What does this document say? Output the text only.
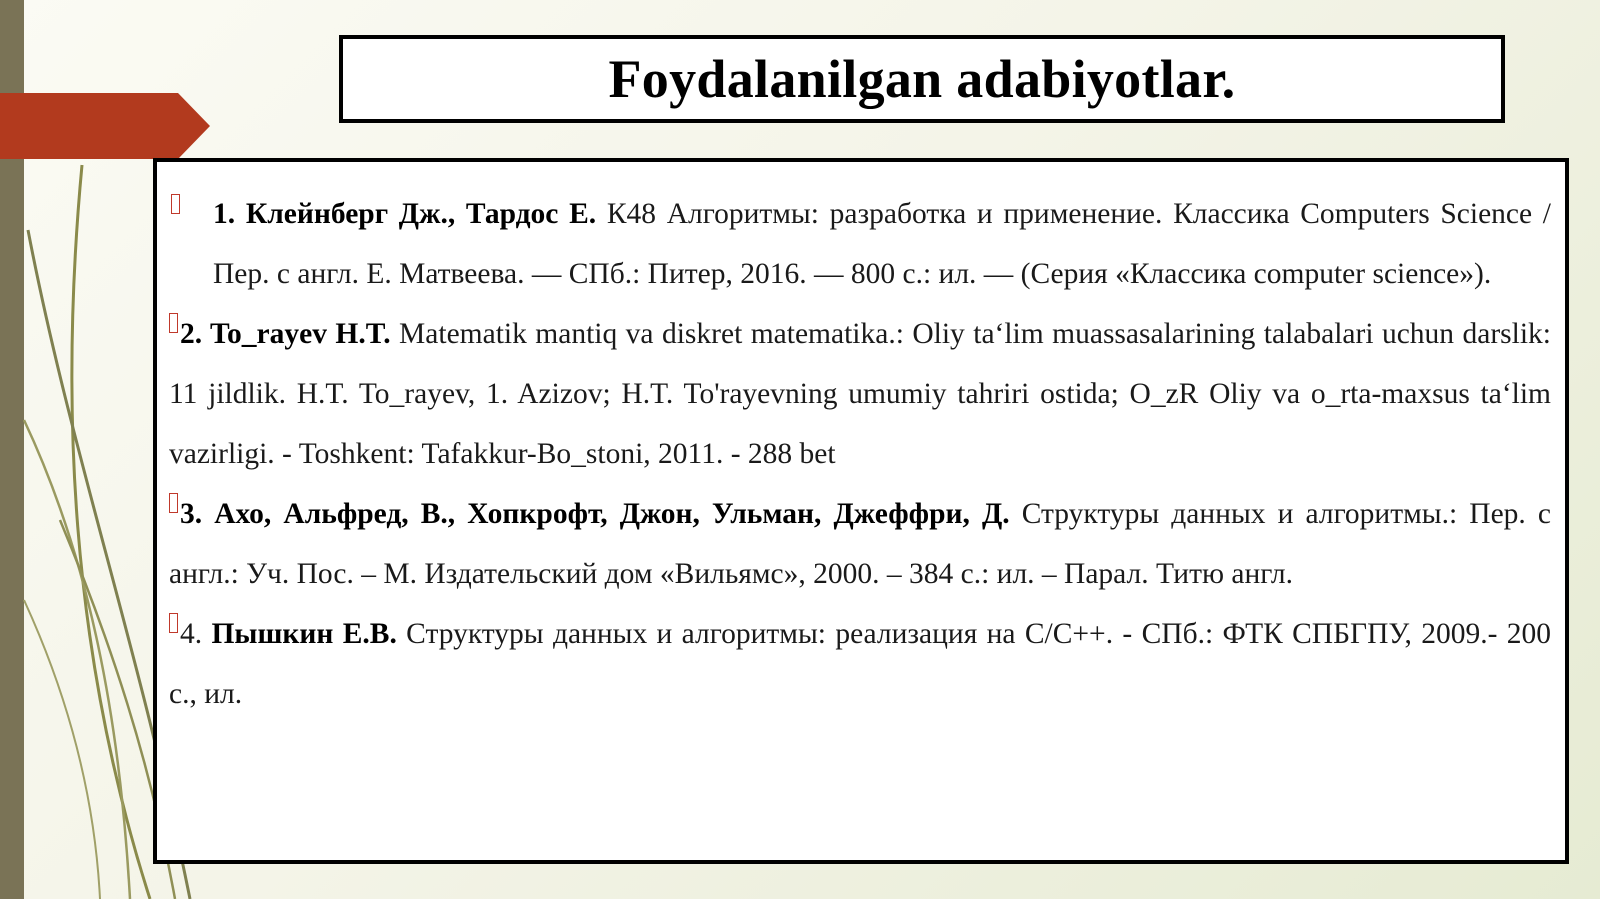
Foydalanilgan adabiyotlar.

1. Клейнберг Дж., Тардос Е. К48 Алгоритмы: разработка и применение. Классика Computers Science / Пер. с англ. Е. Матвеева. — СПб.: Питер, 2016. — 800 с.: ил. — (Серия «Классика computer science»).

2. To_rayev H.T. Matematik mantiq va diskret matematika.: Oliy ta‘lim muassasalarining talabalari uchun darslik: 11 jildlik. H.T. To_rayev, 1. Azizov; H.T. To'rayevning umumiy tahriri ostida; O_zR Oliy va o_rta-maxsus ta‘lim vazirligi. - Toshkent: Tafakkur-Bo_stoni, 2011. - 288 bet

3. Ахо, Альфред, В., Хопкрофт, Джон, Ульман, Джеффри, Д. Структуры данных и алгоритмы.: Пер. с англ.: Уч. Пос. – М. Издательский дом «Вильямс», 2000. – 384 с.: ил. – Парал. Титю англ.

4. Пышкин Е.В. Структуры данных и алгоритмы: реализация на C/C++. - СПб.: ФТК СПБГПУ, 2009.- 200 с., ил.
